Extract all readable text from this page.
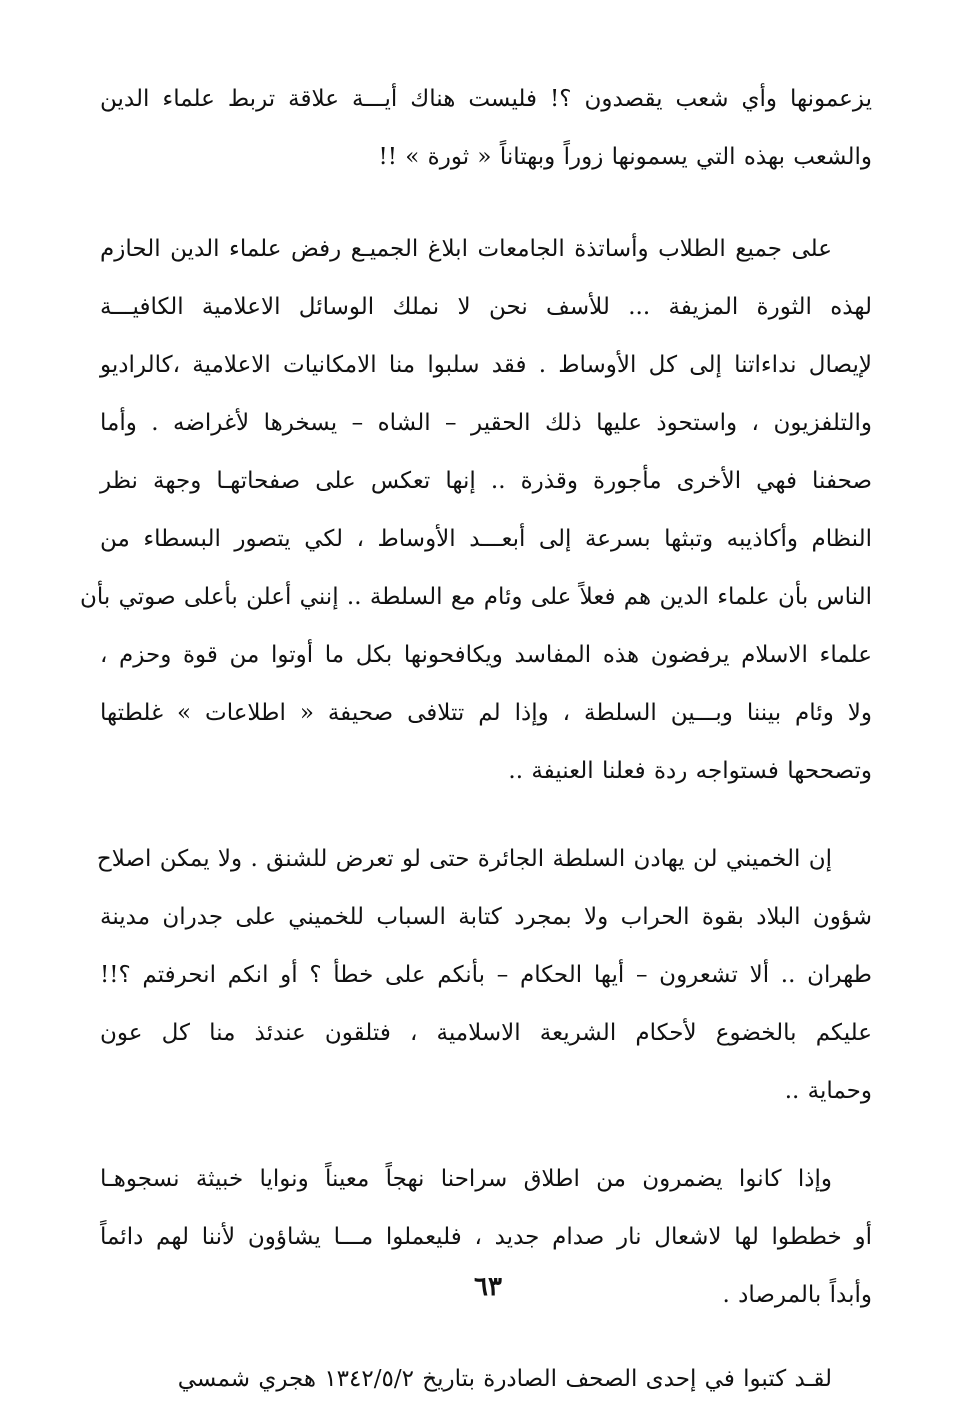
يزعمونها وأي شعب يقصدون ؟! فليست هناك أيـــة علاقة تربط علماء الدين
والشعب بهذه التي يسمونها زوراً وبهتاناً « ثورة » !!

على جميع الطلاب وأساتذة الجامعات ابلاغ الجميـع رفض علماء الدين الحازم
لهذه الثورة المزيفة ... للأسف نحن لا نملك الوسائل الاعلامية الكافيـــة
لإيصال نداءاتنا إلى كل الأوساط . فقد سلبوا منا الامكانيات الاعلامية ،كالراديو
والتلفزيون ، واستحوذ عليها ذلك الحقير – الشاه – يسخرها لأغراضه . وأما
صحفنا فهي الأخرى مأجورة وقذرة .. إنها تعكس على صفحاتهـا وجهة نظر
النظام وأكاذيبه وتبثها بسرعة إلى أبعـــد الأوساط ، لكي يتصور البسطاء من
الناس بأن علماء الدين هم فعلاً على وئام مع السلطة .. إنني أعلن بأعلى صوتي بأن
علماء الاسلام يرفضون هذه المفاسد ويكافحونها بكل ما أوتوا من قوة وحزم ،
ولا وئام بيننا وبـــين السلطة ، وإذا لم تتلافى صحيفة « اطلاعات » غلطتها
وتصححها فستواجه ردة فعلنا العنيفة ..

إن الخميني لن يهادن السلطة الجائرة حتى لو تعرض للشنق . ولا يمكن اصلاح
شؤون البلاد بقوة الحراب ولا بمجرد كتابة السباب للخميني على جدران مدينة
طهران .. ألا تشعرون – أيها الحكام – بأنكم على خطأ ؟ أو انكم انحرفتم ؟!!
عليكم بالخضوع لأحكام الشريعة الاسلامية ، فتلقون عندئذ منا كل عون
وحماية ..

وإذا كانوا يضمرون من اطلاق سراحنا نهجاً معيناً ونوايا خبيثة نسجوهـا
أو خططوا لها لاشعال نار صدام جديد ، فليعملوا مـــا يشاؤون لأننا لهم دائماً
وأبداً بالمرصاد .

لقـد كتبوا في إحدى الصحف الصادرة بتاريخ ١٣٤٢/٥/٢ هجري شمسي

٦٣
